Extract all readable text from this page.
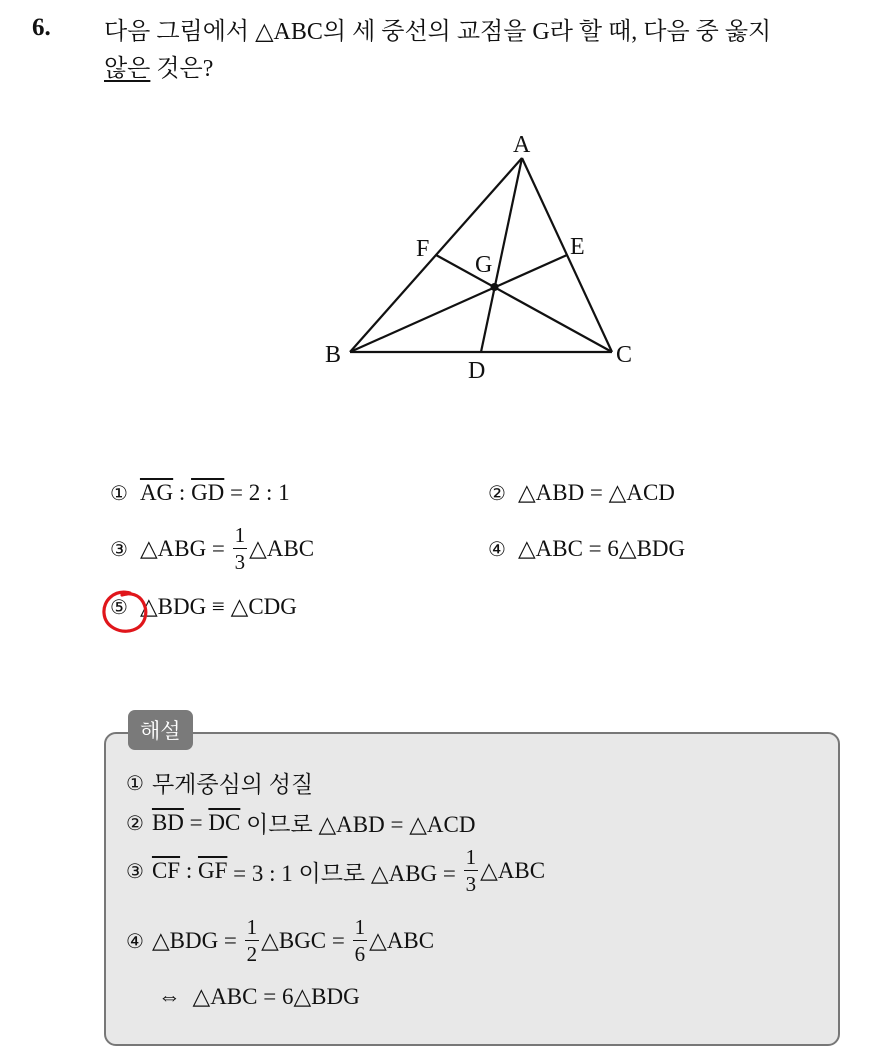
6. 다음 그림에서 △ABC의 세 중선의 교점을 G라 할 때, 다음 중 옳지
않은 것은?
A
B	C
D
E
F
G
① $\overline{AG}$ : $\overline{GD} = 2$ : 1	② △ABD = △ACD
③ △ABG = $\frac{1}{3}$ △ABC	④ △ABC = 6△BDG
⑤ △BDG ≡ △CDG
해설
① 무게중심의 성질
② $\overline{BD} = \overline{DC}$ 이므로 △ABD = △ACD
③ $\overline{CF}$ : $\overline{GF} = 3$ : 1 이므로 △ABG = $\frac{1}{3}$ △ABC
④ △BDG = $\frac{1}{2}$ △BGC = $\frac{1}{6}$ △ABC
⇔  △ABC = 6△BDG
